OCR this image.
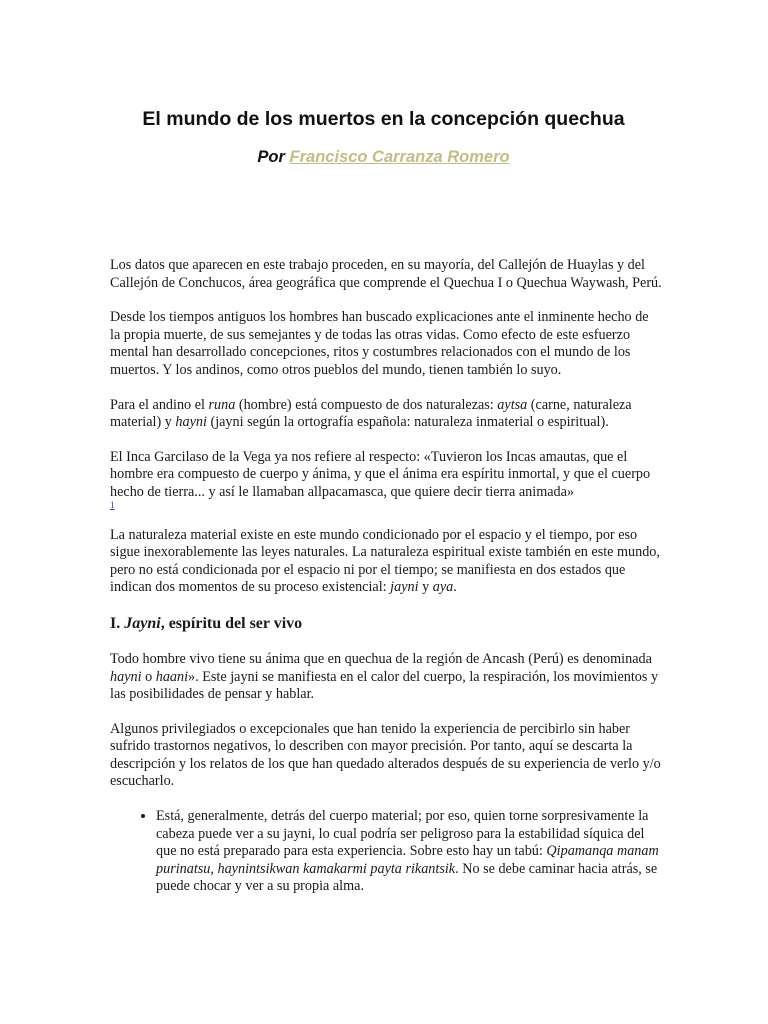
El mundo de los muertos en la concepción quechua

Por Francisco Carranza Romero

Los datos que aparecen en este trabajo proceden, en su mayoría, del Callejón de Huaylas y del Callejón de Conchucos, área geográfica que comprende el Quechua I o Quechua Waywash, Perú.

Desde los tiempos antiguos los hombres han buscado explicaciones ante el inminente hecho de la propia muerte, de sus semejantes y de todas las otras vidas. Como efecto de este esfuerzo mental han desarrollado concepciones, ritos y costumbres relacionados con el mundo de los muertos. Y los andinos, como otros pueblos del mundo, tienen también lo suyo.

Para el andino el runa (hombre) está compuesto de dos naturalezas: aytsa (carne, naturaleza material) y hayni (jayni según la ortografía española: naturaleza inmaterial o espiritual).

El Inca Garcilaso de la Vega ya nos refiere al respecto: «Tuvieron los Incas amautas, que el hombre era compuesto de cuerpo y ánima, y que el ánima era espíritu inmortal, y que el cuerpo hecho de tierra... y así le llamaban allpacamasca, que quiere decir tierra animada»
1

La naturaleza material existe en este mundo condicionado por el espacio y el tiempo, por eso sigue inexorablemente las leyes naturales. La naturaleza espiritual existe también en este mundo, pero no está condicionada por el espacio ni por el tiempo; se manifiesta en dos estados que indican dos momentos de su proceso existencial: jayni y aya.

I. Jayni, espíritu del ser vivo

Todo hombre vivo tiene su ánima que en quechua de la región de Ancash (Perú) es denominada hayni o haani». Este jayni se manifiesta en el calor del cuerpo, la respiración, los movimientos y las posibilidades de pensar y hablar.

Algunos privilegiados o excepcionales que han tenido la experiencia de percibirlo sin haber sufrido trastornos negativos, lo describen con mayor precisión. Por tanto, aquí se descarta la descripción y los relatos de los que han quedado alterados después de su experiencia de verlo y/o escucharlo.

• Está, generalmente, detrás del cuerpo material; por eso, quien torne sorpresivamente la cabeza puede ver a su jayni, lo cual podría ser peligroso para la estabilidad síquica del que no está preparado para esta experiencia. Sobre esto hay un tabú: Qipamanqa manam purinatsu, haynintsikwan kamakarmi payta rikantsik. No se debe caminar hacia atrás, se puede chocar y ver a su propia alma.
